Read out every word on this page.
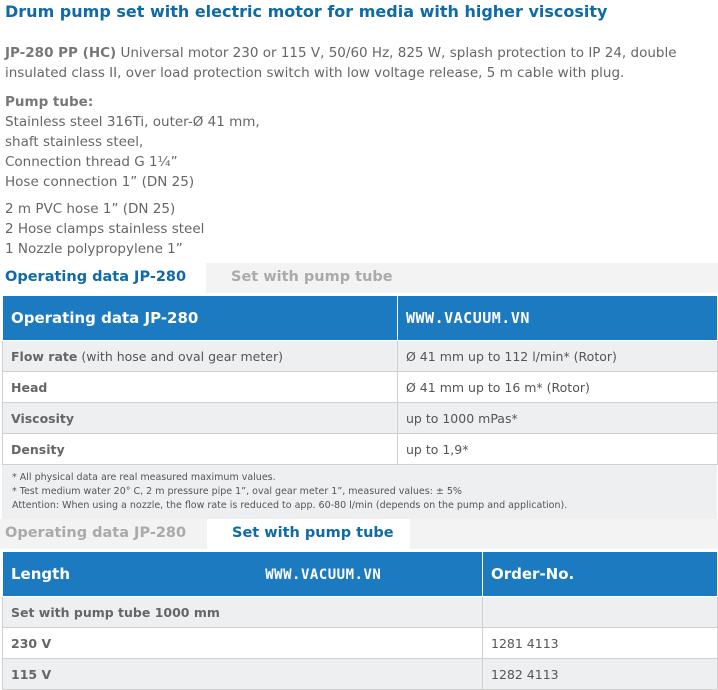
Drum pump set with electric motor for media with higher viscosity
JP-280 PP (HC) Universal motor 230 or 115 V, 50/60 Hz, 825 W, splash protection to IP 24, double insulated class II, over load protection switch with low voltage release, 5 m cable with plug.
Pump tube:
Stainless steel 316Ti, outer-Ø 41 mm,
shaft stainless steel,
Connection thread G 1¼”
Hose connection 1” (DN 25)
2 m PVC hose 1” (DN 25)
2 Hose clamps stainless steel
1 Nozzle polypropylene 1”
Operating data JP-280	Set with pump tube
Operating data JP-280	WWW.VACUUM.VN
Flow rate (with hose and oval gear meter)	Ø 41 mm up to 112 l/min* (Rotor)
Head	Ø 41 mm up to 16 m* (Rotor)
Viscosity	up to 1000 mPas*
Density	up to 1,9*
* All physical data are real measured maximum values.
* Test medium water 20° C, 2 m pressure pipe 1”, oval gear meter 1”, measured values: ± 5%
Attention: When using a nozzle, the flow rate is reduced to app. 60-80 l/min (depends on the pump and application).
Operating data JP-280	Set with pump tube
Length WWW.VACUUM.VN	Order-No.
Set with pump tube 1000 mm	
230 V	1281 4113
115 V	1282 4113
